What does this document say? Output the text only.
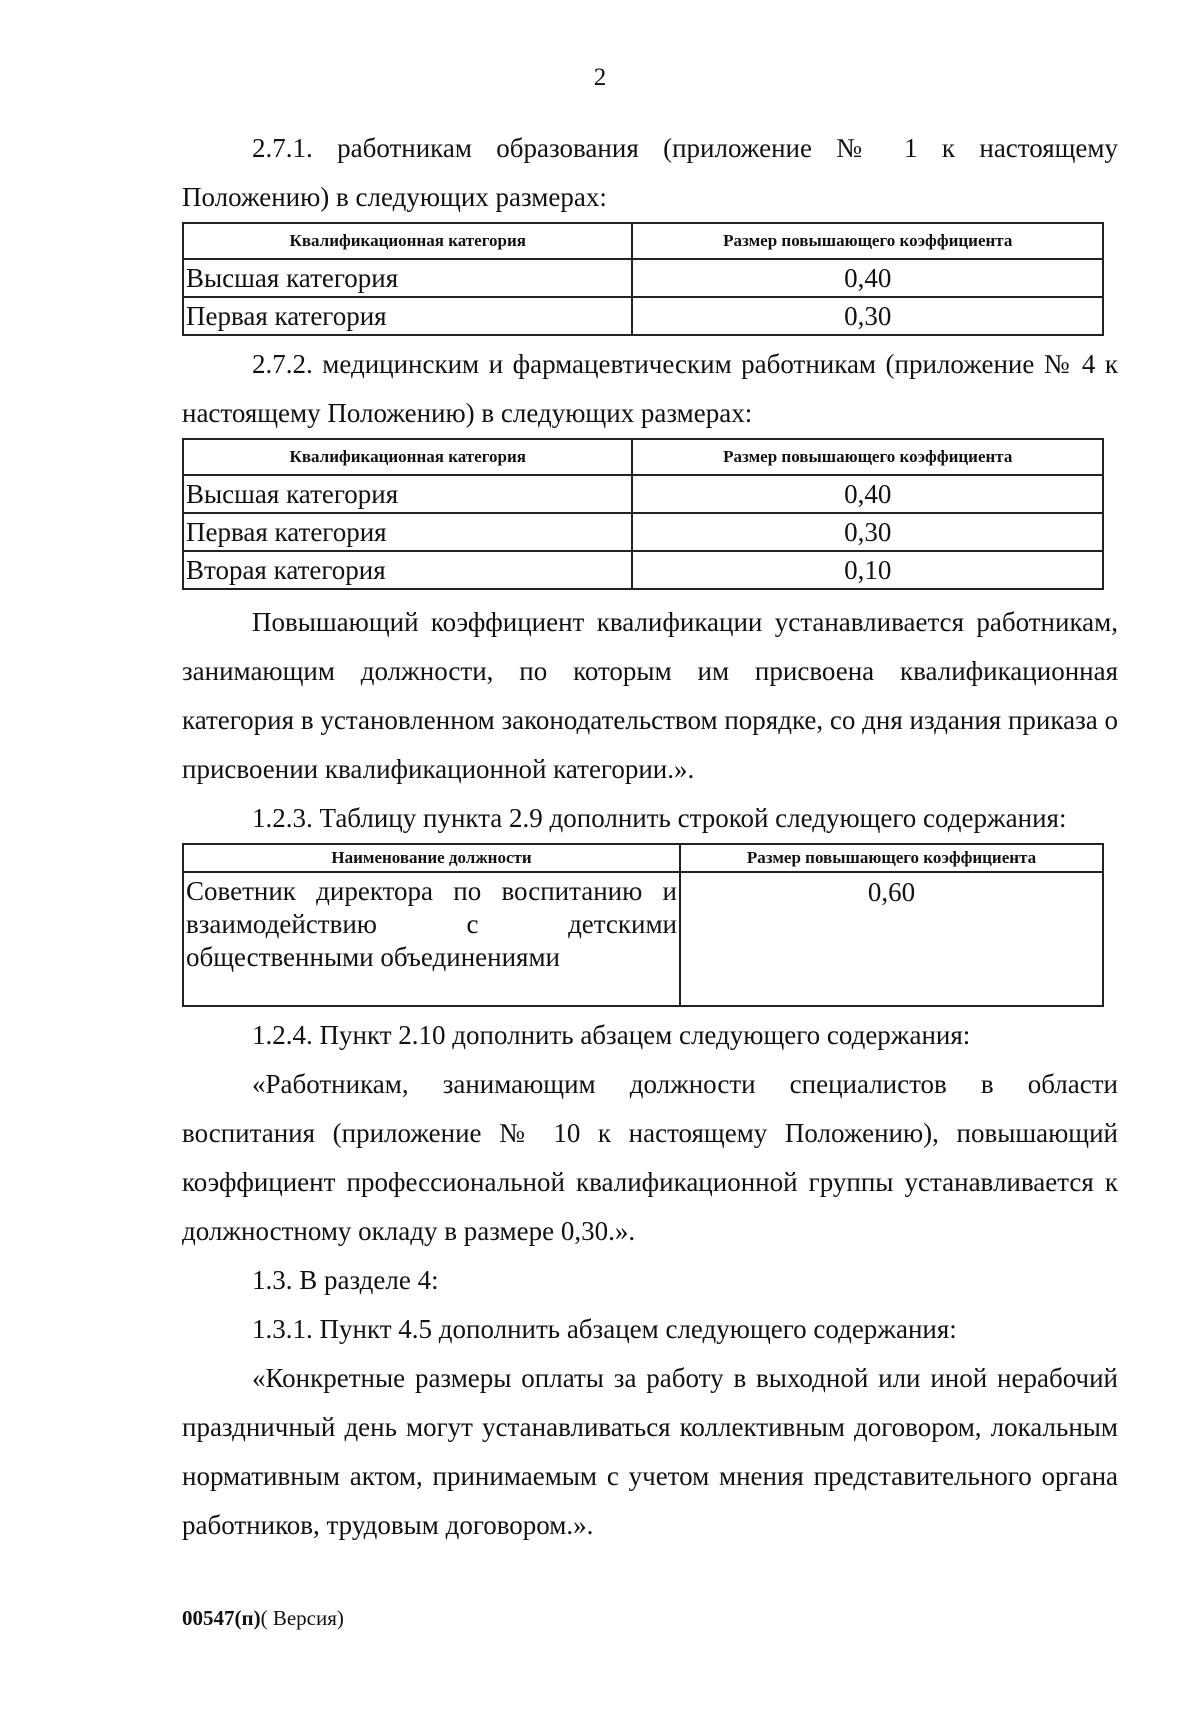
2

2.7.1. работникам образования (приложение № 1 к настоящему Положению) в следующих размерах:

Квалификационная категория	Размер повышающего коэффициента
Высшая категория	0,40
Первая категория	0,30

2.7.2. медицинским и фармацевтическим работникам (приложение № 4 к настоящему Положению) в следующих размерах:

Квалификационная категория	Размер повышающего коэффициента
Высшая категория	0,40
Первая категория	0,30
Вторая категория	0,10

Повышающий коэффициент квалификации устанавливается работникам, занимающим должности, по которым им присвоена квалификационная категория в установленном законодательством порядке, со дня издания приказа о присвоении квалификационной категории.».

1.2.3. Таблицу пункта 2.9 дополнить строкой следующего содержания:

Наименование должности	Размер повышающего коэффициента
Советник директора по воспитанию и взаимодействию с детскими общественными объединениями	0,60

1.2.4. Пункт 2.10 дополнить абзацем следующего содержания:

«Работникам, занимающим должности специалистов в области воспитания (приложение № 10 к настоящему Положению), повышающий коэффициент профессиональной квалификационной группы устанавливается к должностному окладу в размере 0,30.».

1.3. В разделе 4:

1.3.1. Пункт 4.5 дополнить абзацем следующего содержания:

«Конкретные размеры оплаты за работу в выходной или иной нерабочий праздничный день могут устанавливаться коллективным договором, локальным нормативным актом, принимаемым с учетом мнения представительного органа работников, трудовым договором.».

00547(п)( Версия)
